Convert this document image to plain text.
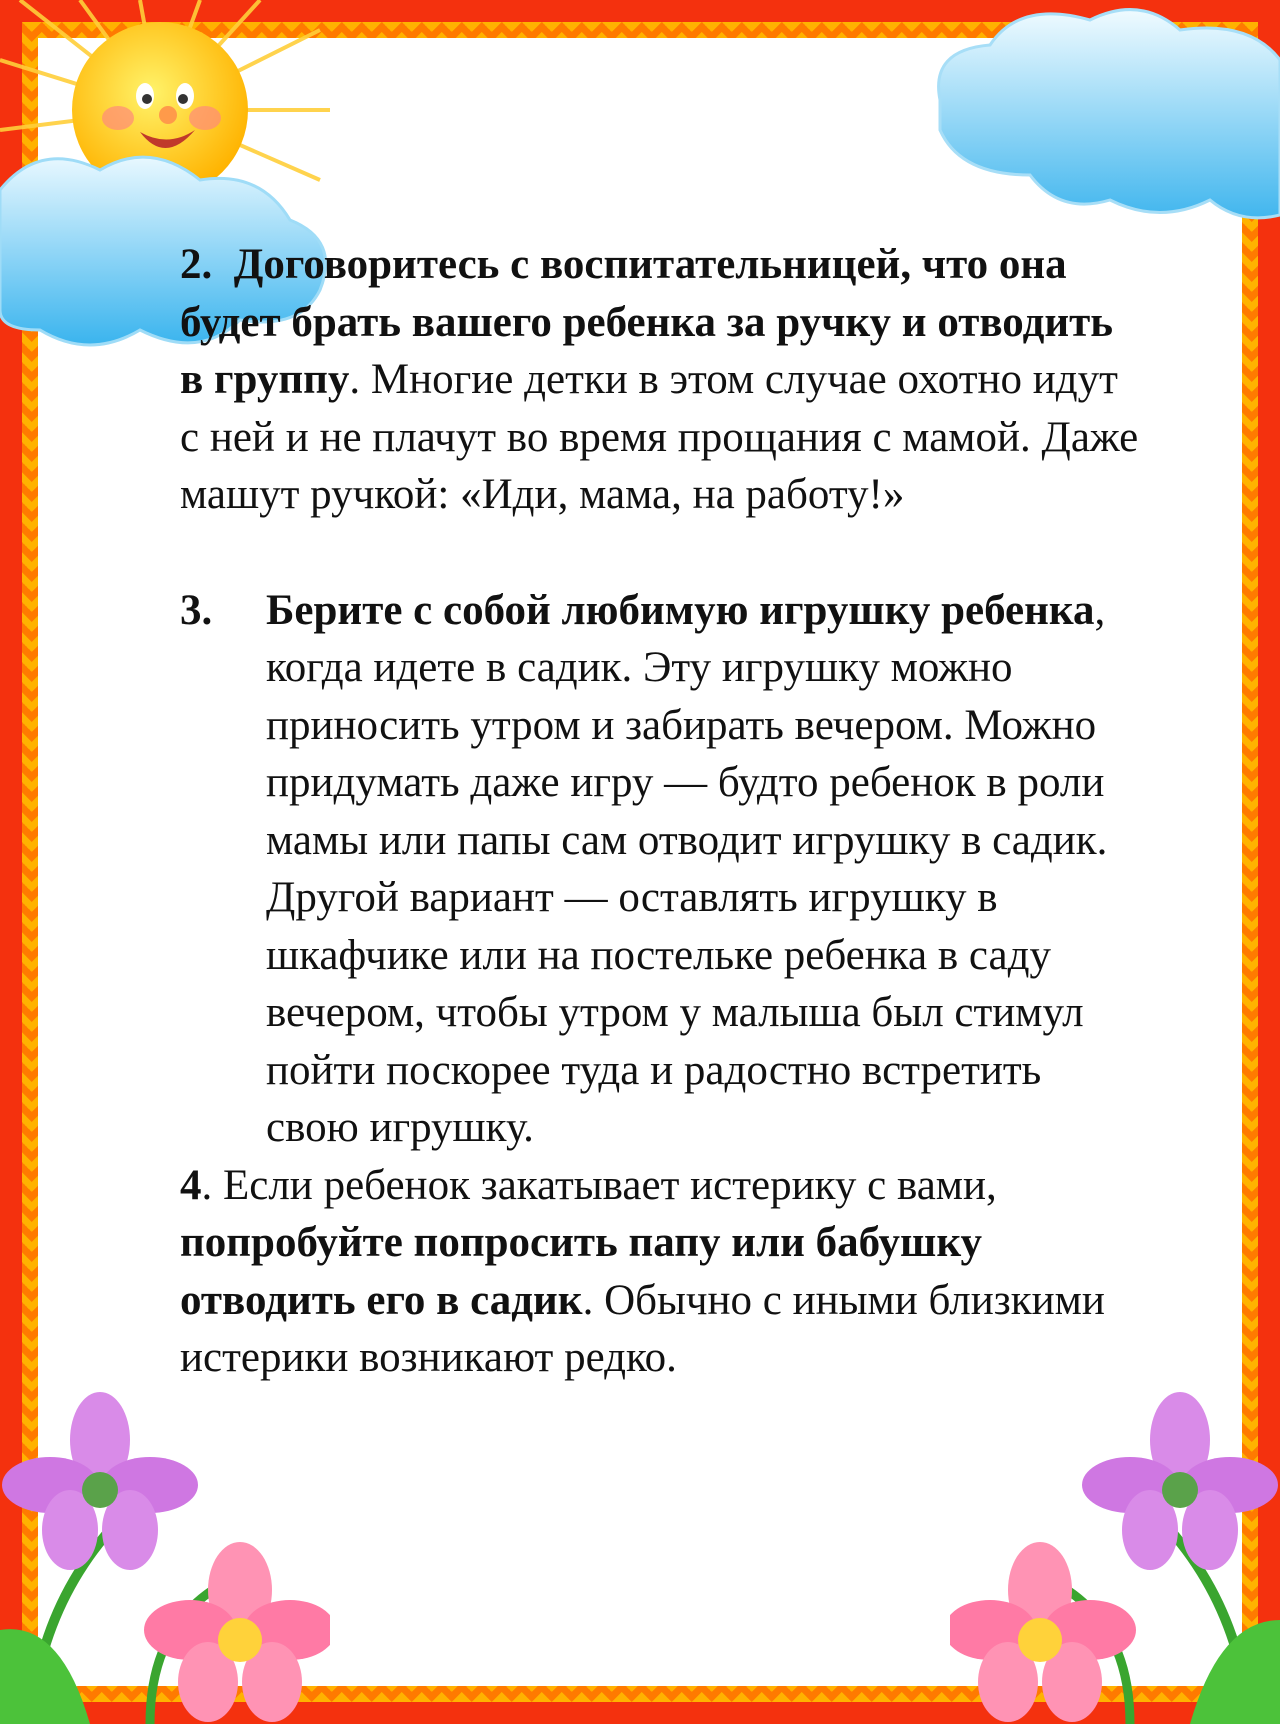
2. Договоритесь с воспитательницей, что она будет брать вашего ребенка за ручку и отводить в группу. Многие детки в этом случае охотно идут с ней и не плачут во время прощания с мамой. Даже машут ручкой: «Иди, мама, на работу!»

3.	Берите с собой любимую игрушку ребенка, когда идете в садик. Эту игрушку можно приносить утром и забирать вечером. Можно придумать даже игру — будто ребенок в роли мамы или папы сам отводит игрушку в садик. Другой вариант — оставлять игрушку в шкафчике или на постельке ребенка в саду вечером, чтобы утром у малыша был стимул пойти поскорее туда и радостно встретить свою игрушку.

4. Если ребенок закатывает истерику с вами, попробуйте попросить папу или бабушку отводить его в садик. Обычно с иными близкими истерики возникают редко.
